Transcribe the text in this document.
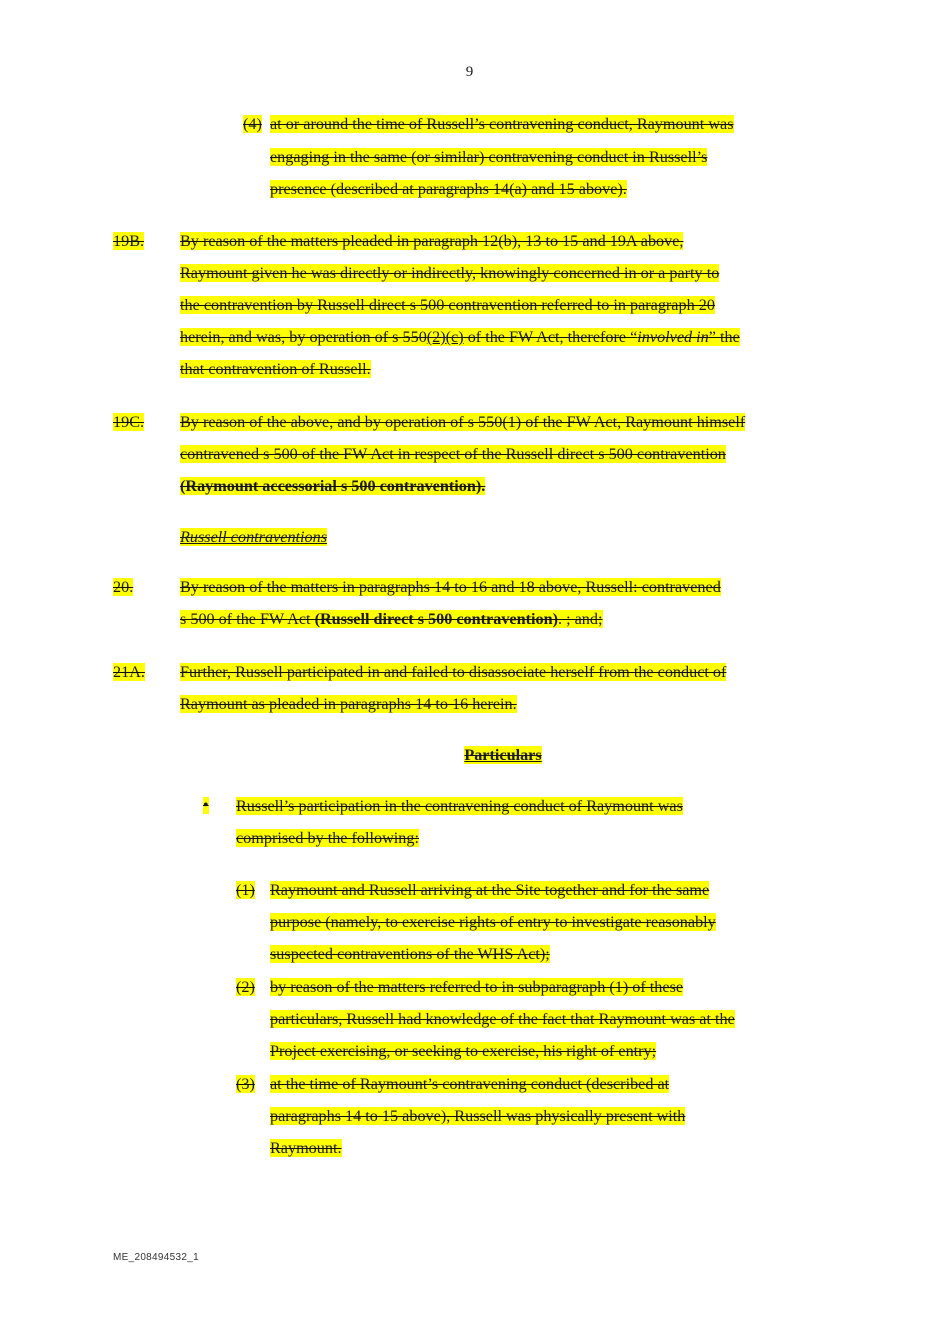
9
(4) at or around the time of Russell’s contravening conduct, Raymount was
engaging in the same (or similar) contravening conduct in Russell’s
presence (described at paragraphs 14(a) and 15 above).
19B. By reason of the matters pleaded in paragraph 12(b), 13 to 15 and 19A above,
Raymount given he was directly or indirectly, knowingly concerned in or a party to
the contravention by Russell direct s 500 contravention referred to in paragraph 20
herein, and was, by operation of s 550(2)(c) of the FW Act, therefore “involved in” the
that contravention of Russell.
19C. By reason of the above, and by operation of s 550(1) of the FW Act, Raymount himself
contravened s 500 of the FW Act in respect of the Russell direct s 500 contravention
(Raymount accessorial s 500 contravention).
Russell contraventions
20.	By reason of the matters in paragraphs 14 to 16 and 18 above, Russell: contravened
s 500 of the FW Act (Russell direct s 500 contravention). ; and;
21A. Further, Russell participated in and failed to disassociate herself from the conduct of
Raymount as pleaded in paragraphs 14 to 16 herein.
Particulars
• Russell’s participation in the contravening conduct of Raymount was
comprised by the following:
(1) Raymount and Russell arriving at the Site together and for the same
purpose (namely, to exercise rights of entry to investigate reasonably
suspected contraventions of the WHS Act);
(2) by reason of the matters referred to in subparagraph (1) of these
particulars, Russell had knowledge of the fact that Raymount was at the
Project exercising, or seeking to exercise, his right of entry;
(3) at the time of Raymount’s contravening conduct (described at
paragraphs 14 to 15 above), Russell was physically present with
Raymount.
ME_208494532_1
